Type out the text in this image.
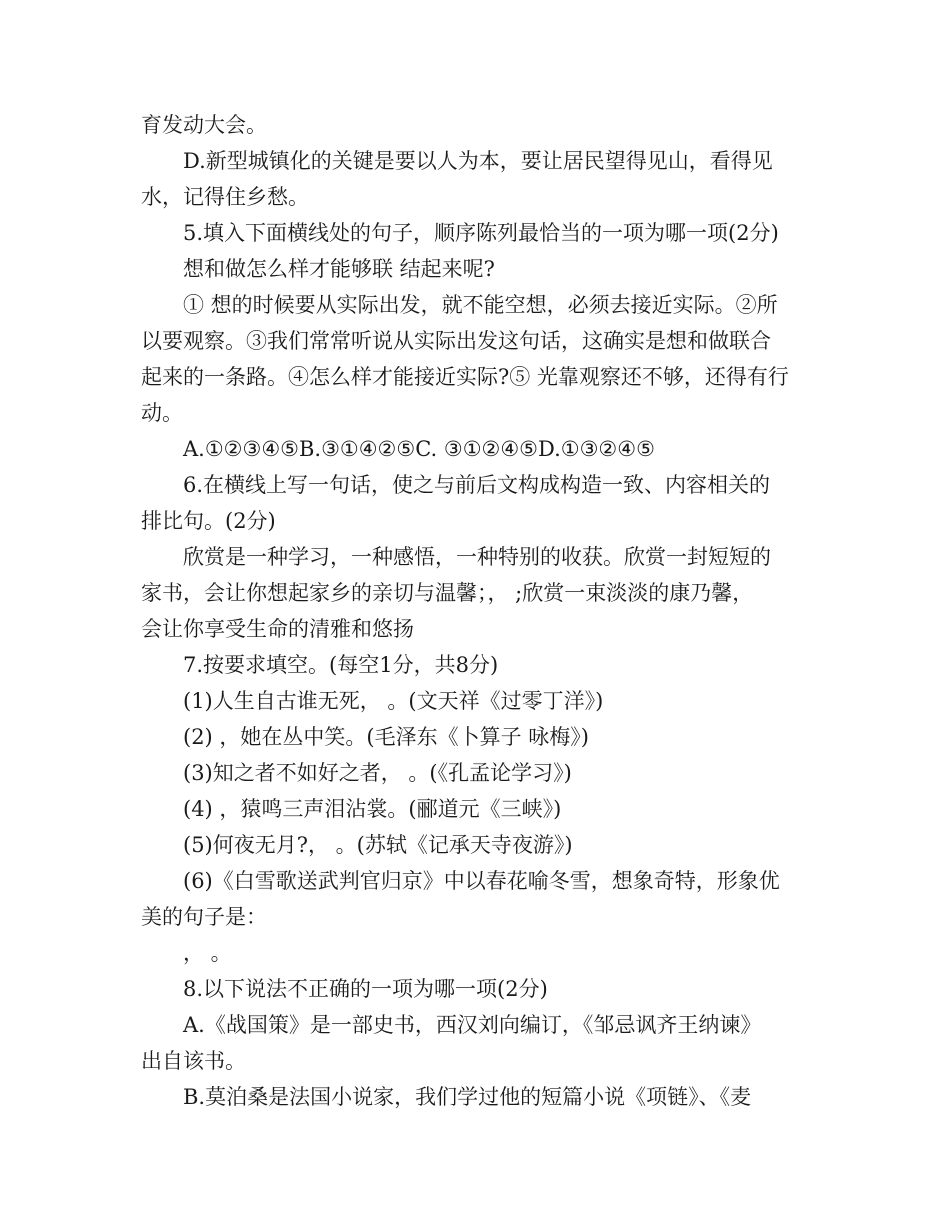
育发动大会。
D.新型城镇化的关键是要以人为本，要让居民望得见山，看得见
水，记得住乡愁。
5.填入下面横线处的句子，顺序陈列最恰当的一项为哪一项(2分)
想和做怎么样才能够联 结起来呢?
① 想的时候要从实际出发，就不能空想，必须去接近实际。②所
以要观察。③我们常常听说从实际出发这句话，这确实是想和做联合
起来的一条路。④怎么样才能接近实际?⑤ 光靠观察还不够，还得有行
动。
A.①②③④⑤B.③①④②⑤C. ③①②④⑤D.①③②④⑤
6.在横线上写一句话，使之与前后文构成构造一致、内容相关的
排比句。(2分)
欣赏是一种学习，一种感悟，一种特别的收获。欣赏一封短短的
家书，会让你想起家乡的亲切与温馨；， ;欣赏一束淡淡的康乃馨，
会让你享受生命的清雅和悠扬
7.按要求填空。(每空1分，共8分)
(1)人生自古谁无死， 。(文天祥《过零丁洋》)
(2) ，她在丛中笑。(毛泽东《卜算子 咏梅》)
(3)知之者不如好之者， 。(《孔孟论学习》)
(4) ，猿鸣三声泪沾裳。(郦道元《三峡》)
(5)何夜无月?， 。(苏轼《记承天寺夜游》)
(6)《白雪歌送武判官归京》中以春花喻冬雪，想象奇特，形象优
美的句子是：
， 。
8.以下说法不正确的一项为哪一项(2分)
A.《战国策》是一部史书，西汉刘向编订，《邹忌讽齐王纳谏》
出自该书。
B.莫泊桑是法国小说家，我们学过他的短篇小说《项链》、《麦
